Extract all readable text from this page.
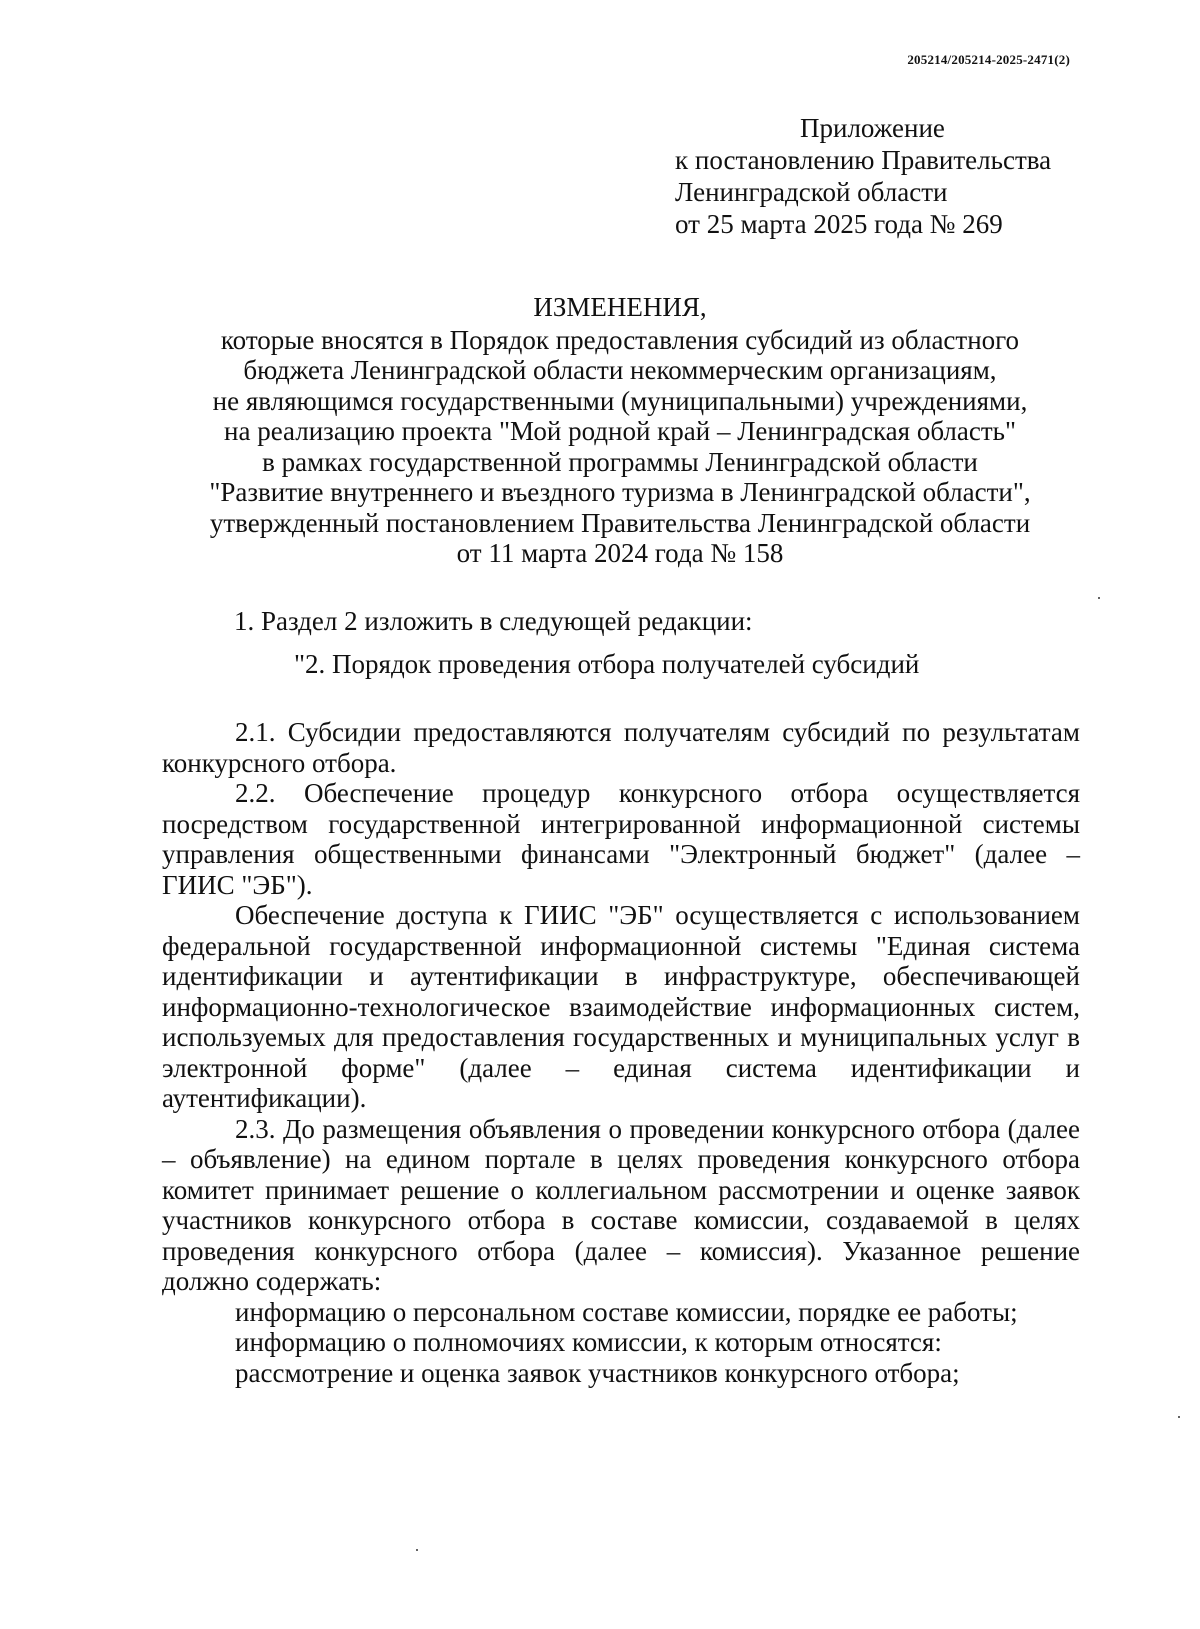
205214/205214-2025-2471(2)
Приложение
к постановлению Правительства
Ленинградской области
от 25 марта 2025 года № 269
ИЗМЕНЕНИЯ,
которые вносятся в Порядок предоставления субсидий из областного
бюджета Ленинградской области некоммерческим организациям,
не являющимся государственными (муниципальными) учреждениями,
на реализацию проекта "Мой родной край – Ленинградская область"
в рамках государственной программы Ленинградской области
"Развитие внутреннего и въездного туризма в Ленинградской области",
утвержденный постановлением Правительства Ленинградской области
от 11 марта 2024 года № 158

1. Раздел 2 изложить в следующей редакции:

"2. Порядок проведения отбора получателей субсидий

2.1. Субсидии предоставляются получателям субсидий по результатам конкурсного отбора.

2.2. Обеспечение процедур конкурсного отбора осуществляется посредством государственной интегрированной информационной системы управления общественными финансами "Электронный бюджет" (далее – ГИИС "ЭБ").

Обеспечение доступа к ГИИС "ЭБ" осуществляется с использованием федеральной государственной информационной системы "Единая система идентификации и аутентификации в инфраструктуре, обеспечивающей информационно-технологическое взаимодействие информационных систем, используемых для предоставления государственных и муниципальных услуг в электронной форме" (далее – единая система идентификации и аутентификации).

2.3. До размещения объявления о проведении конкурсного отбора (далее – объявление) на едином портале в целях проведения конкурсного отбора комитет принимает решение о коллегиальном рассмотрении и оценке заявок участников конкурсного отбора в составе комиссии, создаваемой в целях проведения конкурсного отбора (далее – комиссия). Указанное решение должно содержать:

информацию о персональном составе комиссии, порядке ее работы;

информацию о полномочиях комиссии, к которым относятся:

рассмотрение и оценка заявок участников конкурсного отбора;
